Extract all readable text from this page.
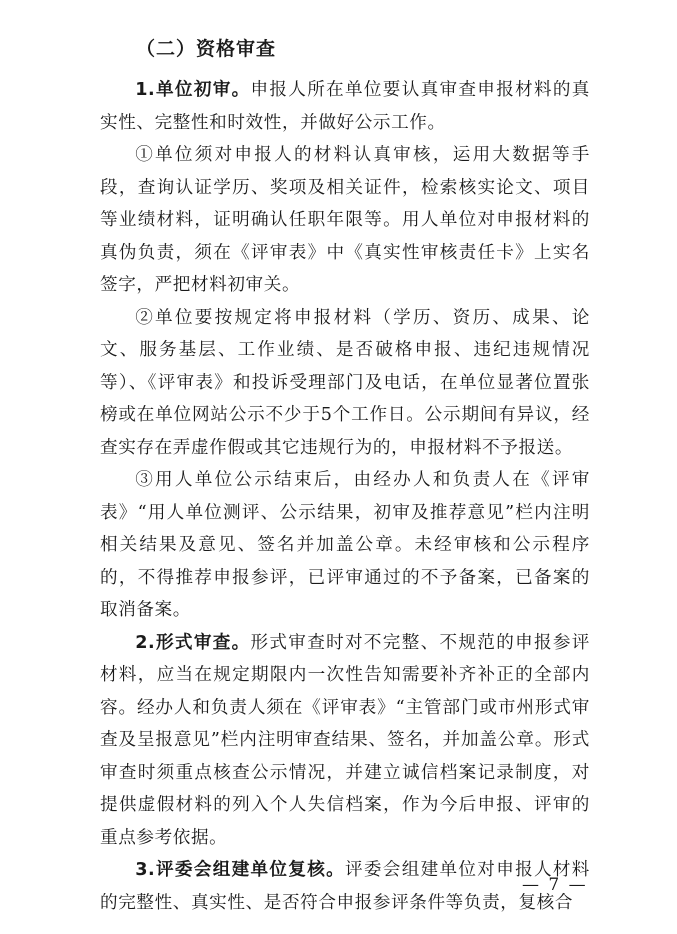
（二）资格审查

1.单位初审。申报人所在单位要认真审查申报材料的真实性、完整性和时效性，并做好公示工作。

①单位须对申报人的材料认真审核，运用大数据等手段，查询认证学历、奖项及相关证件，检索核实论文、项目等业绩材料，证明确认任职年限等。用人单位对申报材料的真伪负责，须在《评审表》中《真实性审核责任卡》上实名签字，严把材料初审关。

②单位要按规定将申报材料（学历、资历、成果、论文、服务基层、工作业绩、是否破格申报、违纪违规情况等）、《评审表》和投诉受理部门及电话，在单位显著位置张榜或在单位网站公示不少于5个工作日。公示期间有异议，经查实存在弄虚作假或其它违规行为的，申报材料不予报送。

③用人单位公示结束后，由经办人和负责人在《评审表》“用人单位测评、公示结果，初审及推荐意见”栏内注明相关结果及意见、签名并加盖公章。未经审核和公示程序的，不得推荐申报参评，已评审通过的不予备案，已备案的取消备案。

2.形式审查。形式审查时对不完整、不规范的申报参评材料，应当在规定期限内一次性告知需要补齐补正的全部内容。经办人和负责人须在《评审表》“主管部门或市州形式审查及呈报意见”栏内注明审查结果、签名，并加盖公章。形式审查时须重点核查公示情况，并建立诚信档案记录制度，对提供虚假材料的列入个人失信档案，作为今后申报、评审的重点参考依据。

3.评委会组建单位复核。评委会组建单位对申报人材料的完整性、真实性、是否符合申报参评条件等负责，复核合

— 7 —
